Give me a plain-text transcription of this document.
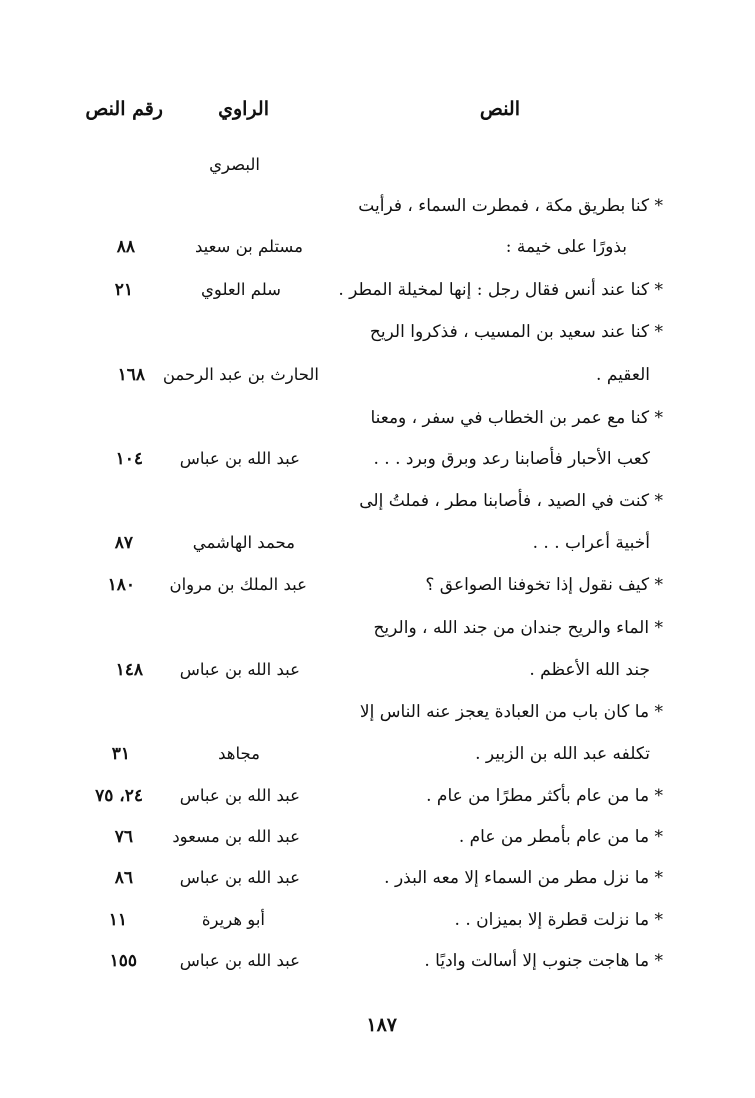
النص
الراوي
رقم النص
البصري
* كنا بطريق مكة ، فمطرت السماء ، فرأيت
بذورًا على خيمة :
مستلم بن سعيد
٨٨
* كنا عند أنس فقال رجل : إنها لمخيلة المطر .
سلم العلوي
٢١
* كنا عند سعيد بن المسيب ، فذكروا الريح
العقيم .
الحارث بن عبد الرحمن
١٦٨
* كنا مع عمر بن الخطاب في سفر ، ومعنا
كعب الأحبار فأصابنا رعد وبرق وبرد . . .
عبد الله بن عباس
١٠٤
* كنت في الصيد ، فأصابنا مطر ، فملتُ إلى
أخبية أعراب . . .
محمد الهاشمي
٨٧
* كيف نقول إذا تخوفنا الصواعق ؟
عبد الملك بن مروان
١٨٠
* الماء والريح جندان من جند الله ، والريح
جند الله الأعظم .
عبد الله بن عباس
١٤٨
* ما كان باب من العبادة يعجز عنه الناس إلا
تكلفه عبد الله بن الزبير .
مجاهد
٣١
* ما من عام بأكثر مطرًا من عام .
عبد الله بن عباس
٢٤، ٧٥
* ما من عام بأمطر من عام .
عبد الله بن مسعود
٧٦
* ما نزل مطر من السماء إلا معه البذر .
عبد الله بن عباس
٨٦
* ما نزلت قطرة إلا بميزان . .
أبو هريرة
١١
* ما هاجت جنوب إلا أسالت واديًا .
عبد الله بن عباس
١٥٥
١٨٧
